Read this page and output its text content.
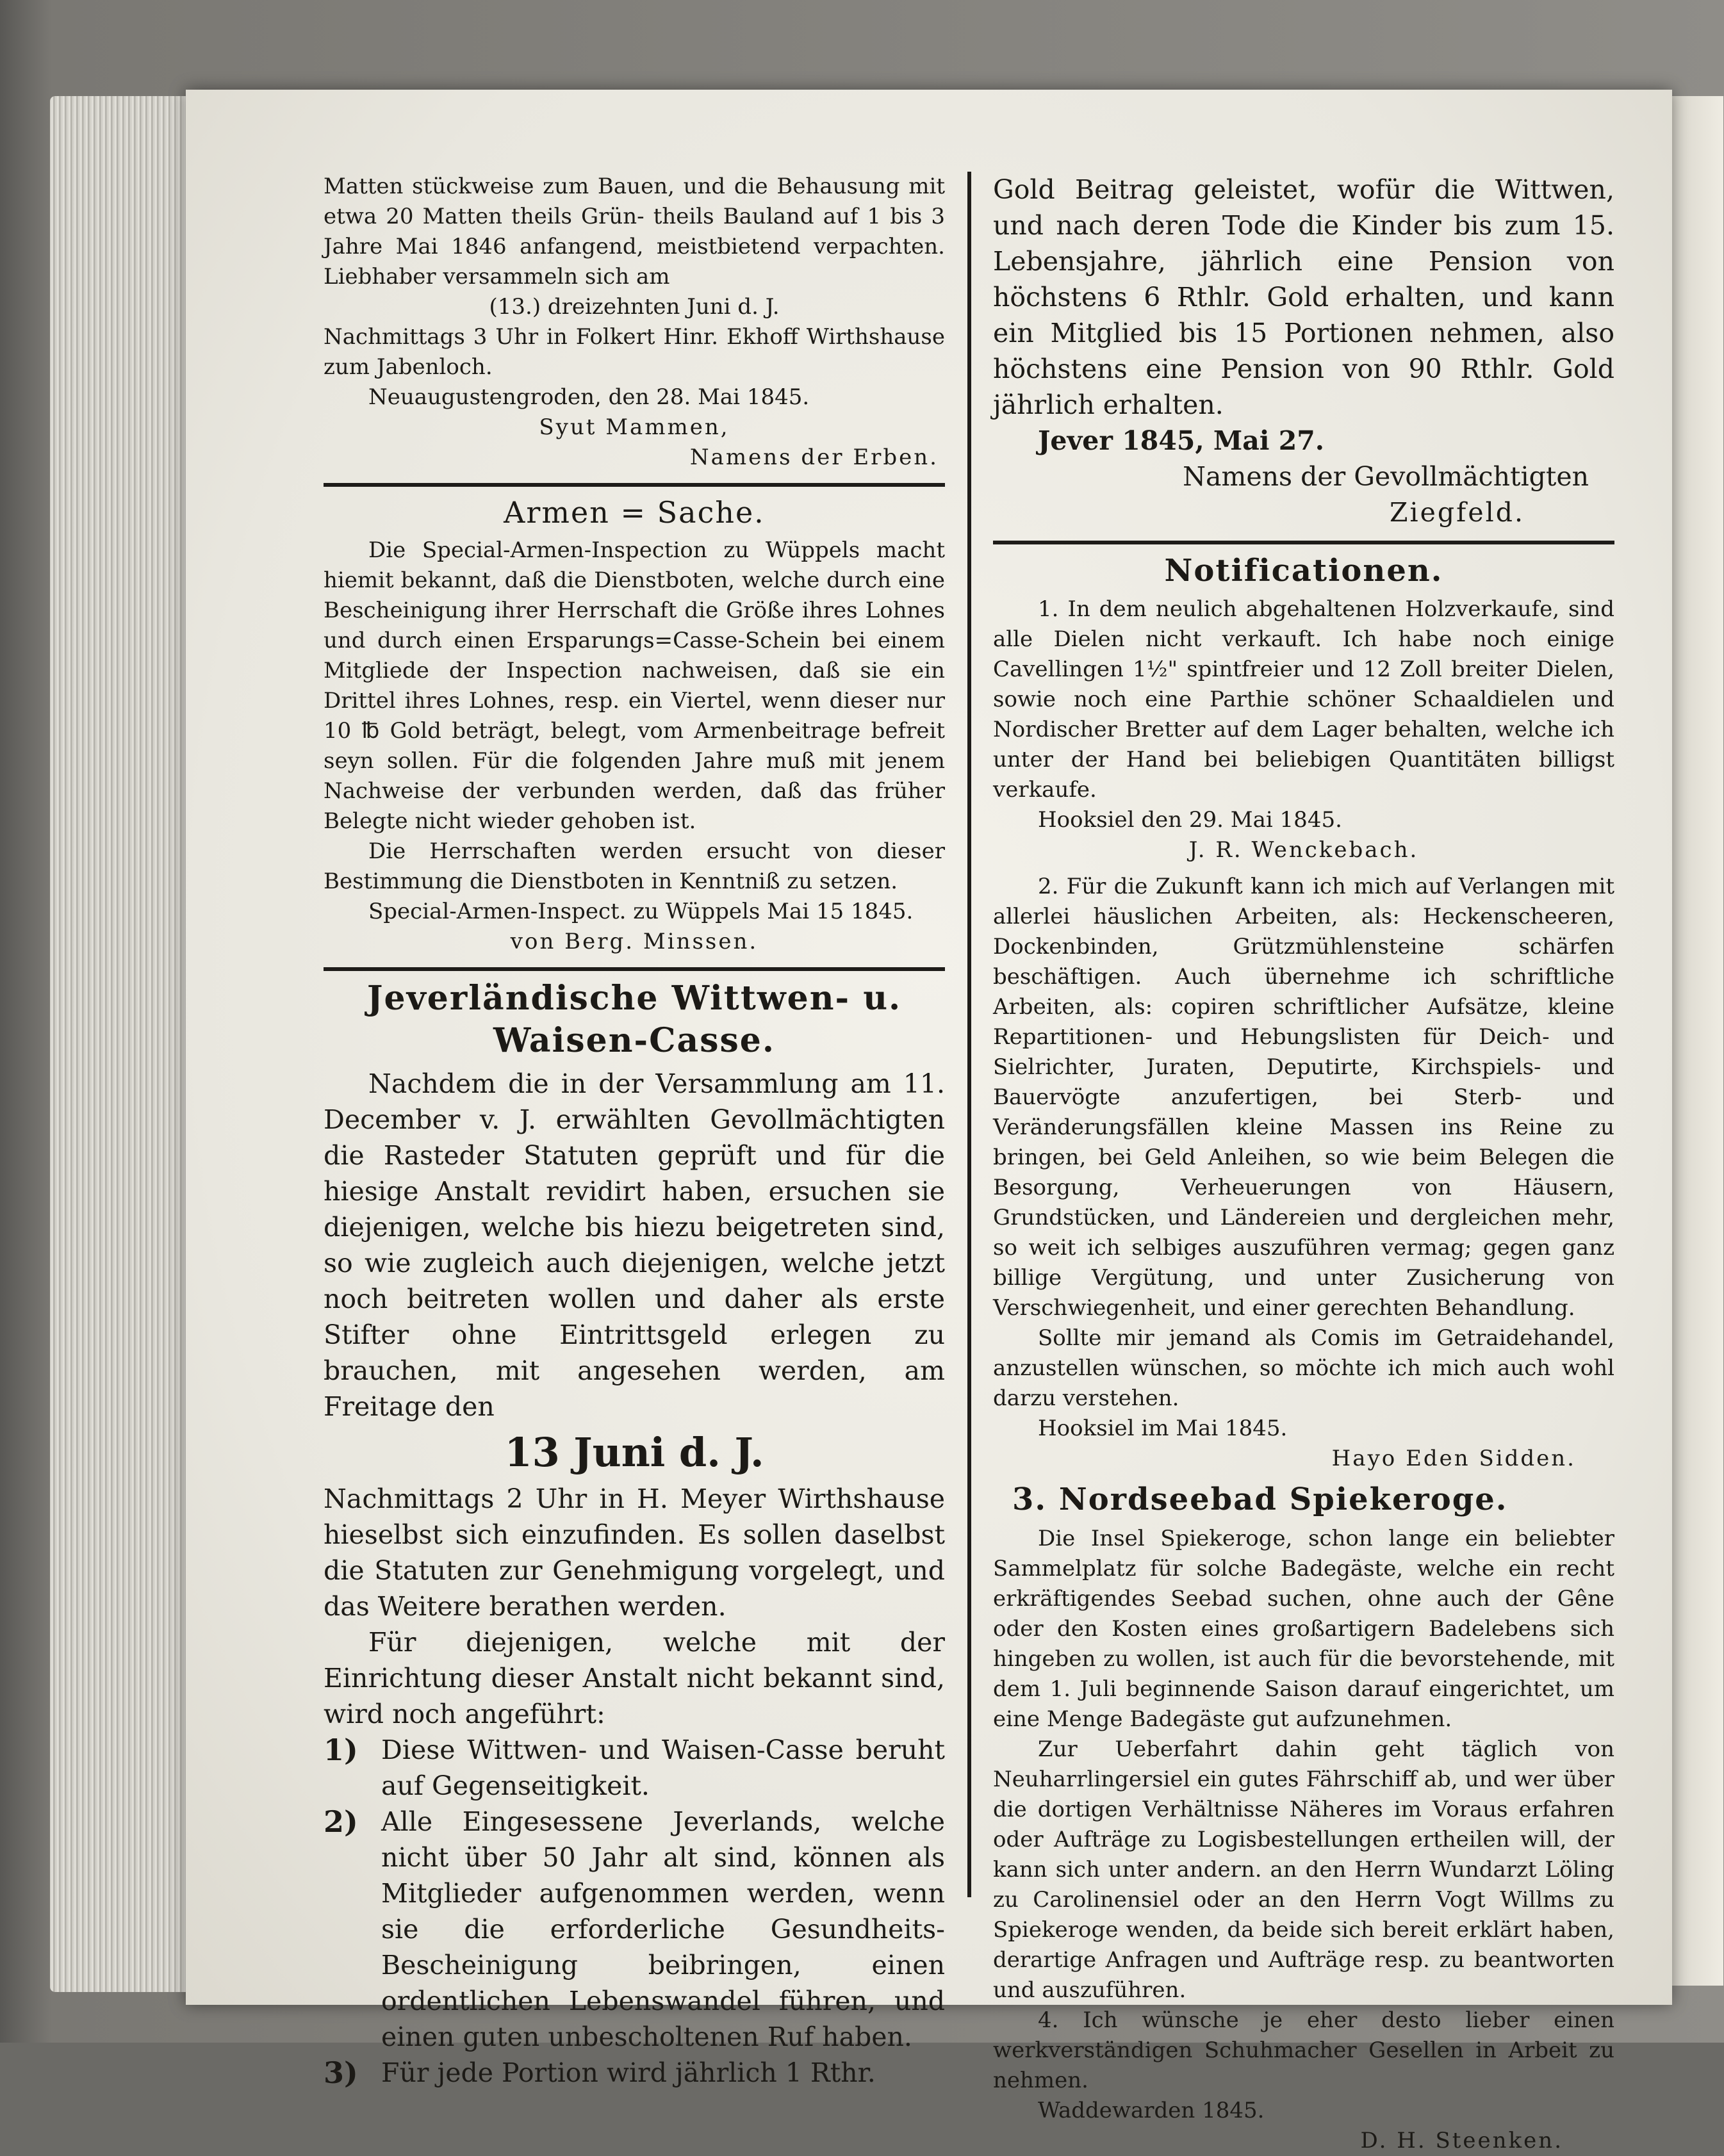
Matten stückweise zum Bauen, und die Behausung mit etwa 20 Matten theils Grün- theils Bauland auf 1 bis 3 Jahre Mai 1846 anfangend, meistbietend verpachten. Liebhaber versammeln sich am

(13.) dreizehnten Juni d. J.

Nachmittags 3 Uhr in Folkert Hinr. Ekhoff Wirthshause zum Jabenloch.

Neuaugustengroden, den 28. Mai 1845.

Syut Mammen,

Namens der Erben.

Armen = Sache.

Die Special-Armen-Inspection zu Wüppels macht hiemit bekannt, daß die Dienstboten, welche durch eine Bescheinigung ihrer Herrschaft die Größe ihres Lohnes und durch einen Ersparungs=Casse-Schein bei einem Mitgliede der Inspection nachweisen, daß sie ein Drittel ihres Lohnes, resp. ein Viertel, wenn dieser nur 10 ℔ Gold beträgt, belegt, vom Armenbeitrage befreit seyn sollen. Für die folgenden Jahre muß mit jenem Nachweise der verbunden werden, daß das früher Belegte nicht wieder gehoben ist.

Die Herrschaften werden ersucht von dieser Bestimmung die Dienstboten in Kenntniß zu setzen.

Special-Armen-Inspect. zu Wüppels Mai 15 1845.

von Berg. Minssen.

Jeverländische Wittwen- u. Waisen-Casse.

Nachdem die in der Versammlung am 11. December v. J. erwählten Gevollmächtigten die Rasteder Statuten geprüft und für die hiesige Anstalt revidirt haben, ersuchen sie diejenigen, welche bis hiezu beigetreten sind, so wie zugleich auch diejenigen, welche jetzt noch beitreten wollen und daher als erste Stifter ohne Eintrittsgeld erlegen zu brauchen, mit angesehen werden, am Freitage den

13 Juni d. J.

Nachmittags 2 Uhr in H. Meyer Wirthshause hieselbst sich einzufinden. Es sollen daselbst die Statuten zur Genehmigung vorgelegt, und das Weitere berathen werden.

Für diejenigen, welche mit der Einrichtung dieser Anstalt nicht bekannt sind, wird noch angeführt:

1) Diese Wittwen- und Waisen-Casse beruht auf Gegenseitigkeit.
2) Alle Eingesessene Jeverlands, welche nicht über 50 Jahr alt sind, können als Mitglieder aufgenommen werden, wenn sie die erforderliche Gesundheits-Bescheinigung beibringen, einen ordentlichen Lebenswandel führen, und einen guten unbescholtenen Ruf haben.
3) Für jede Portion wird jährlich 1 Rthr.

Gold Beitrag geleistet, wofür die Wittwen, und nach deren Tode die Kinder bis zum 15. Lebensjahre, jährlich eine Pension von höchstens 6 Rthlr. Gold erhalten, und kann ein Mitglied bis 15 Portionen nehmen, also höchstens eine Pension von 90 Rthlr. Gold jährlich erhalten.

Jever 1845, Mai 27.

Namens der Gevollmächtigten

Ziegfeld.

Notificationen.

1. In dem neulich abgehaltenen Holzverkaufe, sind alle Dielen nicht verkauft. Ich habe noch einige Cavellingen 1½" spintfreier und 12 Zoll breiter Dielen, sowie noch eine Parthie schöner Schaaldielen und Nordischer Bretter auf dem Lager behalten, welche ich unter der Hand bei beliebigen Quantitäten billigst verkaufe.

Hooksiel den 29. Mai 1845.

J. R. Wenckebach.

2. Für die Zukunft kann ich mich auf Verlangen mit allerlei häuslichen Arbeiten, als: Heckenscheeren, Dockenbinden, Grützmühlensteine schärfen beschäftigen. Auch übernehme ich schriftliche Arbeiten, als: copiren schriftlicher Aufsätze, kleine Repartitionen- und Hebungslisten für Deich- und Sielrichter, Juraten, Deputirte, Kirchspiels- und Bauervögte anzufertigen, bei Sterb- und Veränderungsfällen kleine Massen ins Reine zu bringen, bei Geld Anleihen, so wie beim Belegen die Besorgung, Verheuerungen von Häusern, Grundstücken, und Ländereien und dergleichen mehr, so weit ich selbiges auszuführen vermag; gegen ganz billige Vergütung, und unter Zusicherung von Verschwiegenheit, und einer gerechten Behandlung.

Sollte mir jemand als Comis im Getraidehandel, anzustellen wünschen, so möchte ich mich auch wohl darzu verstehen.

Hooksiel im Mai 1845.

Hayo Eden Sidden.

3. Nordseebad Spiekeroge.

Die Insel Spiekeroge, schon lange ein beliebter Sammelplatz für solche Badegäste, welche ein recht erkräftigendes Seebad suchen, ohne auch der Gêne oder den Kosten eines großartigern Badelebens sich hingeben zu wollen, ist auch für die bevorstehende, mit dem 1. Juli beginnende Saison darauf eingerichtet, um eine Menge Badegäste gut aufzunehmen.

Zur Ueberfahrt dahin geht täglich von Neuharrlingersiel ein gutes Fährschiff ab, und wer über die dortigen Verhältnisse Näheres im Voraus erfahren oder Aufträge zu Logisbestellungen ertheilen will, der kann sich unter andern. an den Herrn Wundarzt Löling zu Carolinensiel oder an den Herrn Vogt Willms zu Spiekeroge wenden, da beide sich bereit erklärt haben, derartige Anfragen und Aufträge resp. zu beantworten und auszuführen.

4. Ich wünsche je eher desto lieber einen werkverständigen Schuhmacher Gesellen in Arbeit zu nehmen.

Waddewarden 1845.

D. H. Steenken.
